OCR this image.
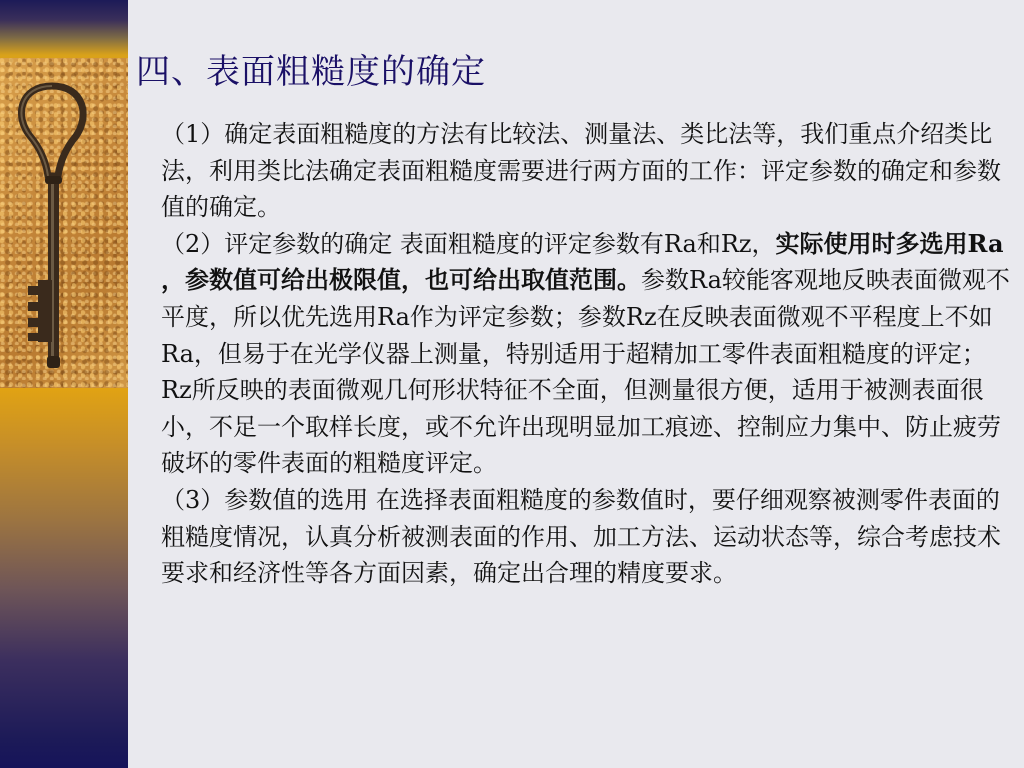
四、表面粗糙度的确定

（1）确定表面粗糙度的方法有比较法、测量法、类比法等，我们重点介绍类比法，利用类比法确定表面粗糙度需要进行两方面的工作：评定参数的确定和参数值的确定。

（2）评定参数的确定 表面粗糙度的评定参数有Ra和Rz，实际使用时多选用Ra ，参数值可给出极限值，也可给出取值范围。参数Ra较能客观地反映表面微观不平度，所以优先选用Ra作为评定参数；参数Rz在反映表面微观不平程度上不如Ra，但易于在光学仪器上测量，特别适用于超精加工零件表面粗糙度的评定；Rz所反映的表面微观几何形状特征不全面，但测量很方便，适用于被测表面很小，不足一个取样长度，或不允许出现明显加工痕迹、控制应力集中、防止疲劳破坏的零件表面的粗糙度评定。

（3）参数值的选用 在选择表面粗糙度的参数值时，要仔细观察被测零件表面的粗糙度情况，认真分析被测表面的作用、加工方法、运动状态等，综合考虑技术要求和经济性等各方面因素，确定出合理的精度要求。
